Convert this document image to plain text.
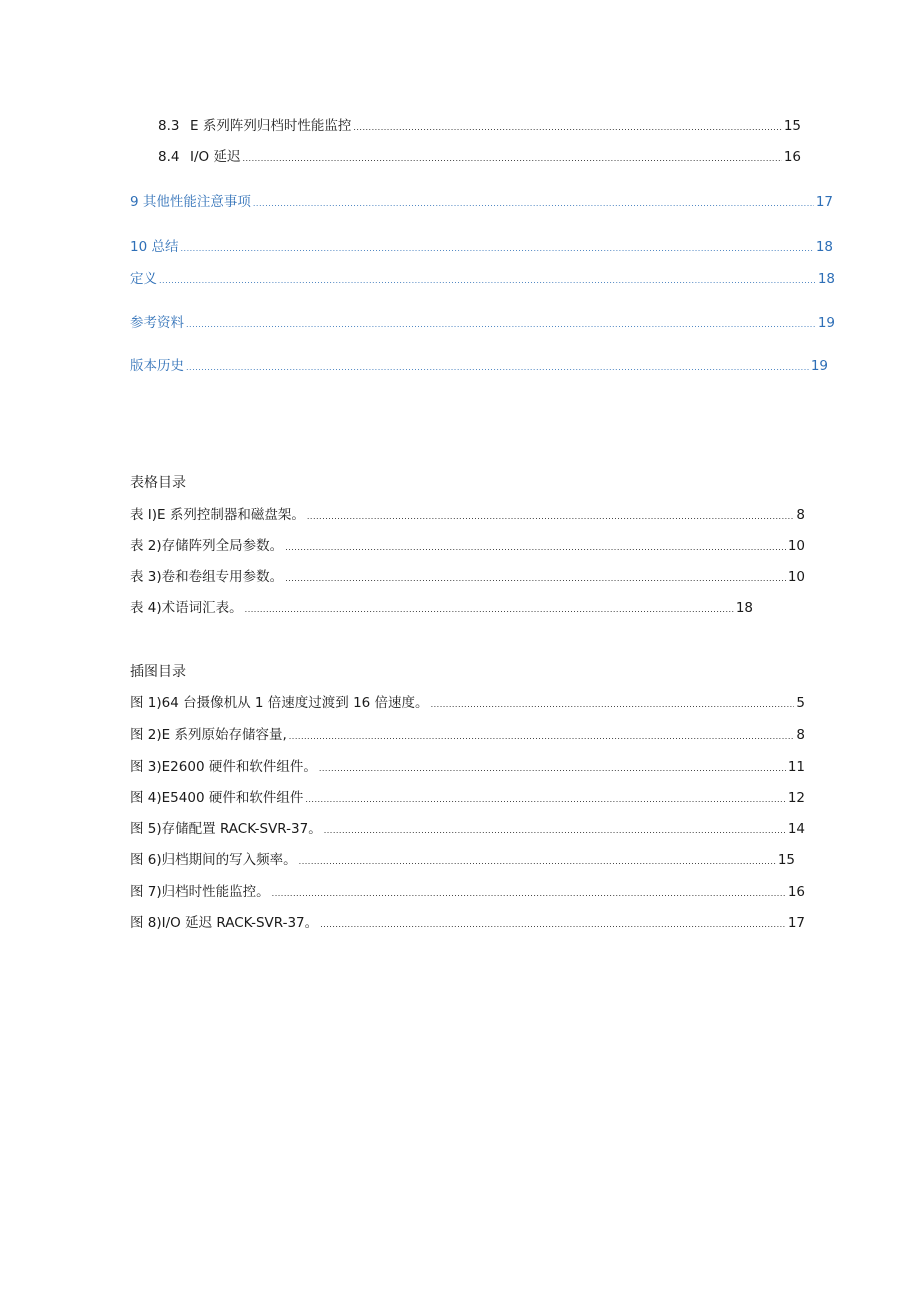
8.3 E 系列阵列归档时性能监控 .....	15
8.4 I/O 延迟 .....	16
9 其他性能注意事项 .....	17
10 总结 .....	18
定义 .....	18
参考资料 .....	19
版本历史 .....	19
表格目录
表 I)E 系列控制器和磁盘架。 .....	8
表 2)存储阵列全局参数。 .....	10
表 3)卷和卷组专用参数。 .....	10
表 4)术语词汇表。 .....	18
插图目录
图 1)64 台摄像机从 1 倍速度过渡到 16 倍速度。 .....	5
图 2)E 系列原始存储容量, .....	8
图 3)E2600 硬件和软件组件。 .....	11
图 4)E5400 硬件和软件组件 .....	12
图 5)存储配置 RACK-SVR-37。 .....	14
图 6)归档期间的写入频率。 .....	15
图 7)归档时性能监控。 .....	16
图 8)I/O 延迟 RACK-SVR-37。 .....	17
